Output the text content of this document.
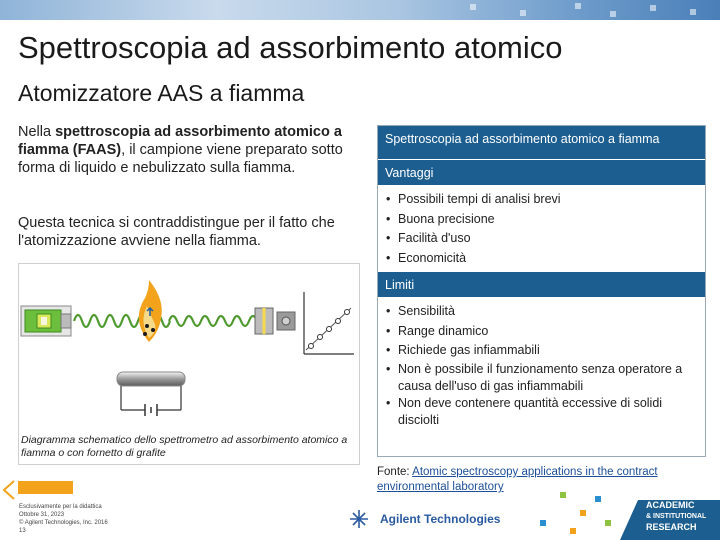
Spettroscopia ad assorbimento atomico
Atomizzatore AAS a fiamma
Nella spettroscopia ad assorbimento atomico a fiamma (FAAS), il campione viene preparato sotto forma di liquido e nebulizzato sulla fiamma.
Questa tecnica si contraddistingue per il fatto che l'atomizzazione avviene nella fiamma.
Diagramma schematico dello spettrometro ad assorbimento atomico a fiamma o con fornetto di grafite
Spettroscopia ad assorbimento atomico a fiamma
Vantaggi
• Possibili tempi di analisi brevi
• Buona precisione
• Facilità d'uso
• Economicità
Limiti
• Sensibilità
• Range dinamico
• Richiede gas infiammabili
• Non è possibile il funzionamento senza operatore a causa dell'uso di gas infiammabili
• Non deve contenere quantità eccessive di solidi disciolti
Fonte: Atomic spectroscopy applications in the contract environmental laboratory
Esclusivamente per la didattica
Ottobre 31, 2023
© Agilent Technologies, Inc. 2016
13
Agilent Technologies
ACADEMIC
& INSTITUTIONAL
RESEARCH
